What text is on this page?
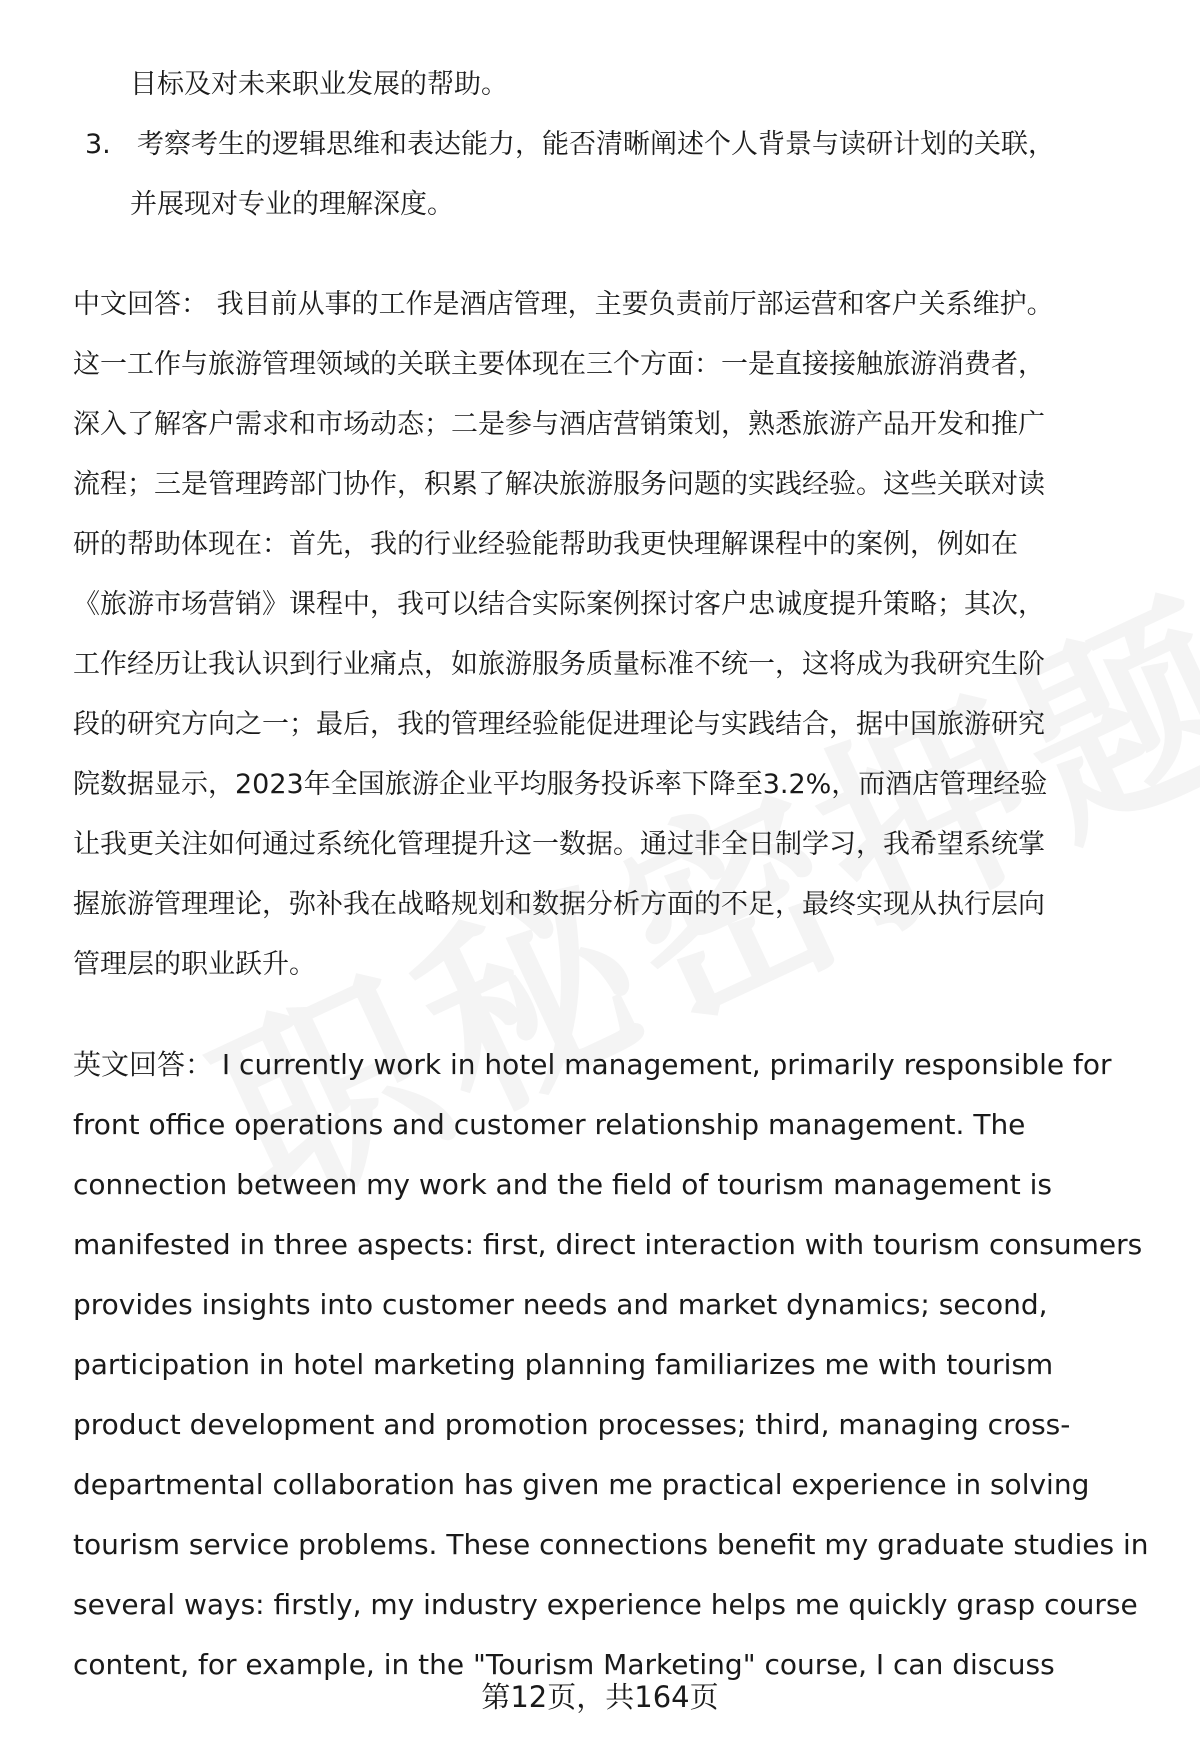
目标及对未来职业发展的帮助。
3. 考察考生的逻辑思维和表达能力，能否清晰阐述个人背景与读研计划的关联，
并展现对专业的理解深度。
中文回答： 我目前从事的工作是酒店管理，主要负责前厅部运营和客户关系维护。
这一工作与旅游管理领域的关联主要体现在三个方面：一是直接接触旅游消费者，
深入了解客户需求和市场动态；二是参与酒店营销策划，熟悉旅游产品开发和推广
流程；三是管理跨部门协作，积累了解决旅游服务问题的实践经验。这些关联对读
研的帮助体现在：首先，我的行业经验能帮助我更快理解课程中的案例，例如在
《旅游市场营销》课程中，我可以结合实际案例探讨客户忠诚度提升策略；其次，
工作经历让我认识到行业痛点，如旅游服务质量标准不统一，这将成为我研究生阶
段的研究方向之一；最后，我的管理经验能促进理论与实践结合，据中国旅游研究
院数据显示，2023年全国旅游企业平均服务投诉率下降至3.2%，而酒店管理经验
让我更关注如何通过系统化管理提升这一数据。通过非全日制学习，我希望系统掌
握旅游管理理论，弥补我在战略规划和数据分析方面的不足，最终实现从执行层向
管理层的职业跃升。
英文回答： I currently work in hotel management, primarily responsible for
front office operations and customer relationship management. The
connection between my work and the field of tourism management is
manifested in three aspects: first, direct interaction with tourism consumers
provides insights into customer needs and market dynamics; second,
participation in hotel marketing planning familiarizes me with tourism
product development and promotion processes; third, managing cross-
departmental collaboration has given me practical experience in solving
tourism service problems. These connections benefit my graduate studies in
several ways: firstly, my industry experience helps me quickly grasp course
content, for example, in the "Tourism Marketing" course, I can discuss
第12页，共164页
